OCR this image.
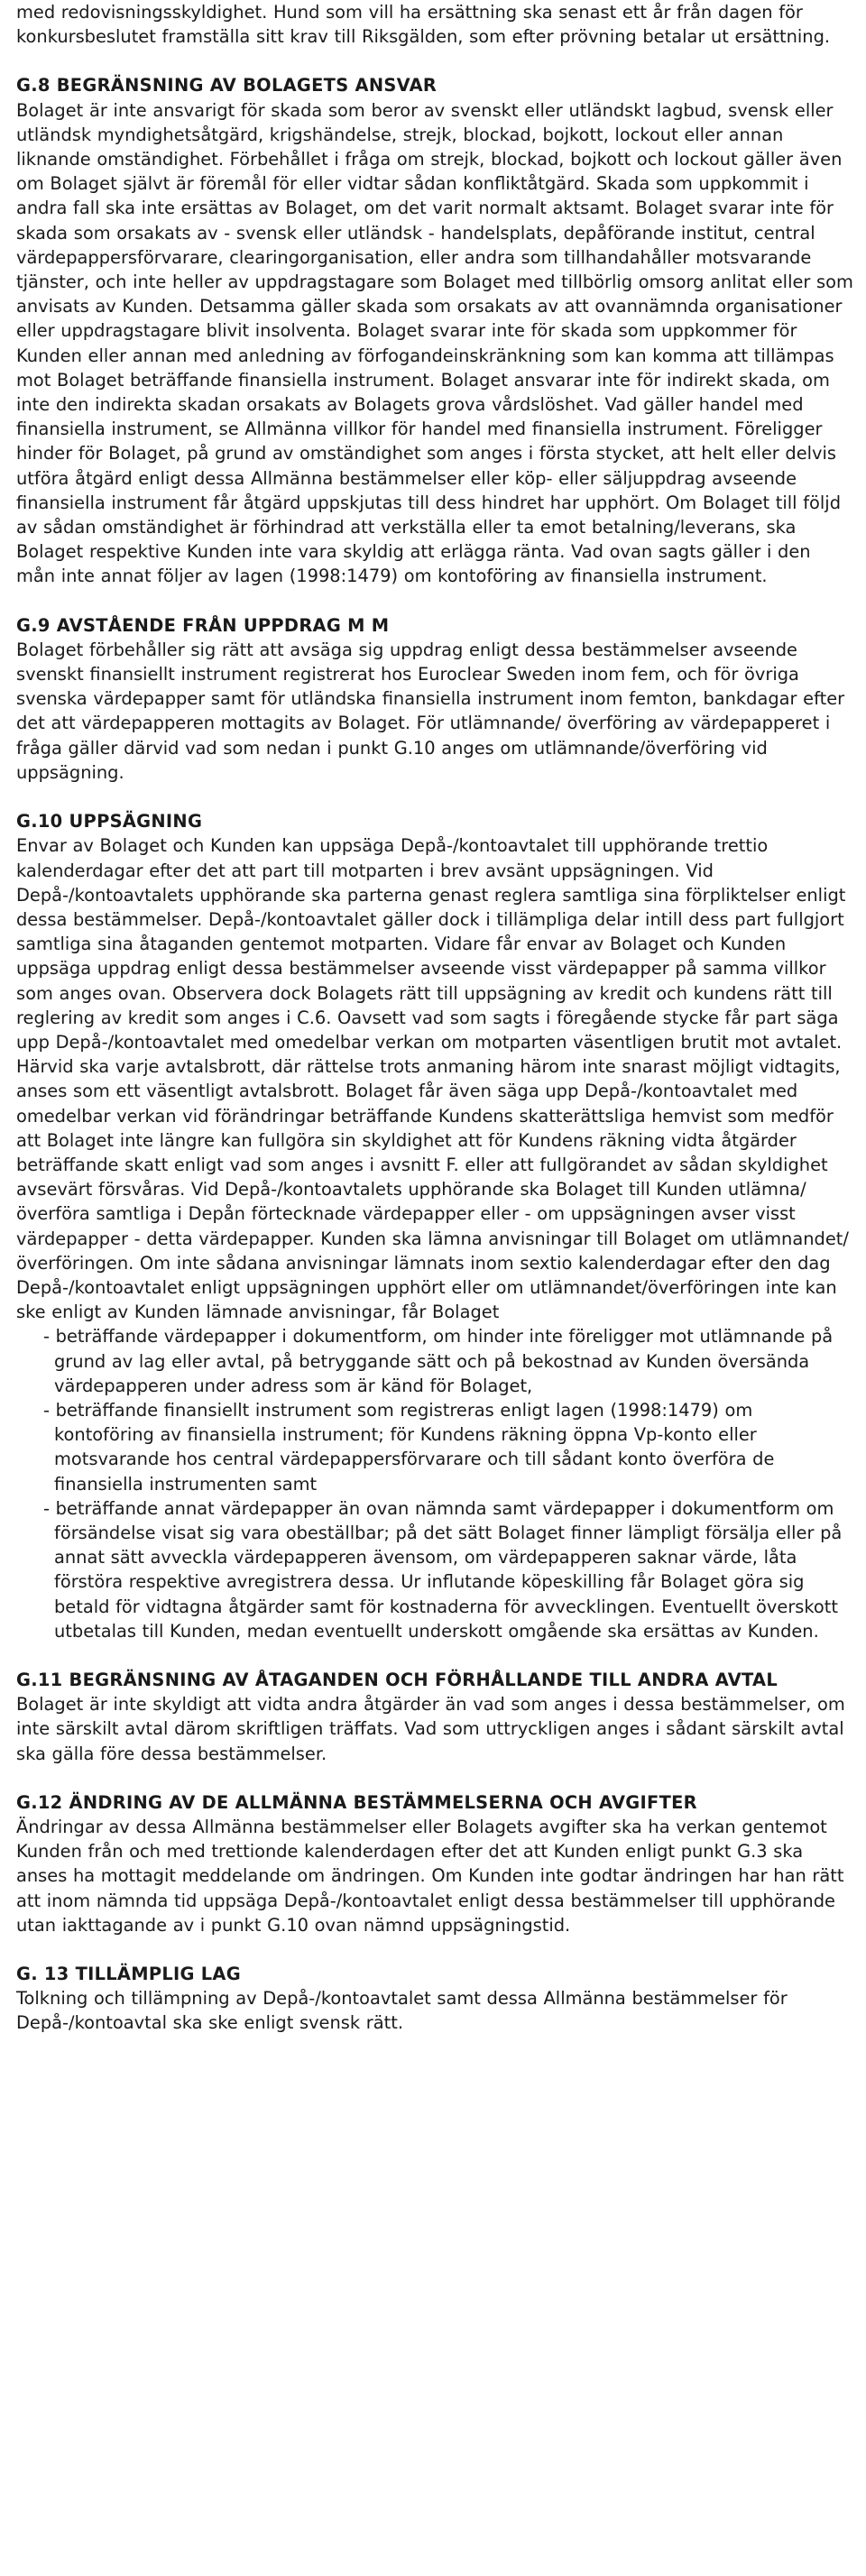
med redovisningsskyldighet. Hund som vill ha ersättning ska senast ett år från dagen för konkursbeslutet framställa sitt krav till Riksgälden, som efter prövning betalar ut ersättning.

G.8 BEGRÄNSNING AV BOLAGETS ANSVAR

Bolaget är inte ansvarigt för skada som beror av svenskt eller utländskt lagbud, svensk eller utländsk myndighetsåtgärd, krigshändelse, strejk, blockad, bojkott, lockout eller annan liknande omständighet. Förbehållet i fråga om strejk, blockad, bojkott och lockout gäller även om Bolaget självt är föremål för eller vidtar sådan konfliktåtgärd. Skada som uppkommit i andra fall ska inte ersättas av Bolaget, om det varit normalt aktsamt. Bolaget svarar inte för skada som orsakats av - svensk eller utländsk - handelsplats, depåförande institut, central värdepappersförvarare, clearingorganisation, eller andra som tillhandahåller motsvarande tjänster, och inte heller av uppdragstagare som Bolaget med tillbörlig omsorg anlitat eller som anvisats av Kunden. Detsamma gäller skada som orsakats av att ovannämnda organisationer eller uppdragstagare blivit insolventa. Bolaget svarar inte för skada som uppkommer för Kunden eller annan med anledning av förfogandeinskränkning som kan komma att tillämpas mot Bolaget beträffande finansiella instrument. Bolaget ansvarar inte för indirekt skada, om inte den indirekta skadan orsakats av Bolagets grova vårdslöshet. Vad gäller handel med finansiella instrument, se Allmänna villkor för handel med finansiella instrument. Föreligger hinder för Bolaget, på grund av omständighet som anges i första stycket, att helt eller delvis utföra åtgärd enligt dessa Allmänna bestämmelser eller köp- eller säljuppdrag avseende finansiella instrument får åtgärd uppskjutas till dess hindret har upphört. Om Bolaget till följd av sådan omständighet är förhindrad att verkställa eller ta emot betalning/leverans, ska Bolaget respektive Kunden inte vara skyldig att erlägga ränta. Vad ovan sagts gäller i den mån inte annat följer av lagen (1998:1479) om kontoföring av finansiella instrument.

G.9 AVSTÅENDE FRÅN UPPDRAG M M

Bolaget förbehåller sig rätt att avsäga sig uppdrag enligt dessa bestämmelser avseende svenskt finansiellt instrument registrerat hos Euroclear Sweden inom fem, och för övriga svenska värdepapper samt för utländska finansiella instrument inom femton, bankdagar efter det att värdepapperen mottagits av Bolaget. För utlämnande/ överföring av värdepapperet i fråga gäller därvid vad som nedan i punkt G.10 anges om utlämnande/överföring vid uppsägning.

G.10 UPPSÄGNING

Envar av Bolaget och Kunden kan uppsäga Depå-/kontoavtalet till upphörande trettio kalenderdagar efter det att part till motparten i brev avsänt uppsägningen. Vid Depå-/kontoavtalets upphörande ska parterna genast reglera samtliga sina förpliktelser enligt dessa bestämmelser. Depå-/kontoavtalet gäller dock i tillämpliga delar intill dess part fullgjort samtliga sina åtaganden gentemot motparten. Vidare får envar av Bolaget och Kunden uppsäga uppdrag enligt dessa bestämmelser avseende visst värdepapper på samma villkor som anges ovan. Observera dock Bolagets rätt till uppsägning av kredit och kundens rätt till reglering av kredit som anges i C.6. Oavsett vad som sagts i föregående stycke får part säga upp Depå-/kontoavtalet med omedelbar verkan om motparten väsentligen brutit mot avtalet. Härvid ska varje avtalsbrott, där rättelse trots anmaning härom inte snarast möjligt vidtagits, anses som ett väsentligt avtalsbrott. Bolaget får även säga upp Depå-/kontoavtalet med omedelbar verkan vid förändringar beträffande Kundens skatterättsliga hemvist som medför att Bolaget inte längre kan fullgöra sin skyldighet att för Kundens räkning vidta åtgärder beträffande skatt enligt vad som anges i avsnitt F. eller att fullgörandet av sådan skyldighet avsevärt försvåras. Vid Depå-/kontoavtalets upphörande ska Bolaget till Kunden utlämna/överföra samtliga i Depån förtecknade värdepapper eller - om uppsägningen avser visst värdepapper - detta värdepapper. Kunden ska lämna anvisningar till Bolaget om utlämnandet/överföringen. Om inte sådana anvisningar lämnats inom sextio kalenderdagar efter den dag Depå-/kontoavtalet enligt uppsägningen upphört eller om utlämnandet/överföringen inte kan ske enligt av Kunden lämnade anvisningar, får Bolaget

- beträffande värdepapper i dokumentform, om hinder inte föreligger mot utlämnande på grund av lag eller avtal, på betryggande sätt och på bekostnad av Kunden översända värdepapperen under adress som är känd för Bolaget,
- beträffande finansiellt instrument som registreras enligt lagen (1998:1479) om kontoföring av finansiella instrument; för Kundens räkning öppna Vp-konto eller motsvarande hos central värdepappersförvarare och till sådant konto överföra de finansiella instrumenten samt
- beträffande annat värdepapper än ovan nämnda samt värdepapper i dokumentform om försändelse visat sig vara obeställbar; på det sätt Bolaget finner lämpligt försälja eller på annat sätt avveckla värdepapperen ävensom, om värdepapperen saknar värde, låta förstöra respektive avregistrera dessa. Ur influtande köpeskilling får Bolaget göra sig betald för vidtagna åtgärder samt för kostnaderna för avvecklingen. Eventuellt överskott utbetalas till Kunden, medan eventuellt underskott omgående ska ersättas av Kunden.
G.11 BEGRÄNSNING AV ÅTAGANDEN OCH FÖRHÅLLANDE TILL ANDRA AVTAL

Bolaget är inte skyldigt att vidta andra åtgärder än vad som anges i dessa bestämmelser, om inte särskilt avtal därom skriftligen träffats. Vad som uttryckligen anges i sådant särskilt avtal ska gälla före dessa bestämmelser.

G.12 ÄNDRING AV DE ALLMÄNNA BESTÄMMELSERNA OCH AVGIFTER

Ändringar av dessa Allmänna bestämmelser eller Bolagets avgifter ska ha verkan gentemot Kunden från och med trettionde kalenderdagen efter det att Kunden enligt punkt G.3 ska anses ha mottagit meddelande om ändringen. Om Kunden inte godtar ändringen har han rätt att inom nämnda tid uppsäga Depå-/kontoavtalet enligt dessa bestämmelser till upphörande utan iakttagande av i punkt G.10 ovan nämnd uppsägningstid.

G. 13 TILLÄMPLIG LAG

Tolkning och tillämpning av Depå-/kontoavtalet samt dessa Allmänna bestämmelser för Depå-/kontoavtal ska ske enligt svensk rätt.
